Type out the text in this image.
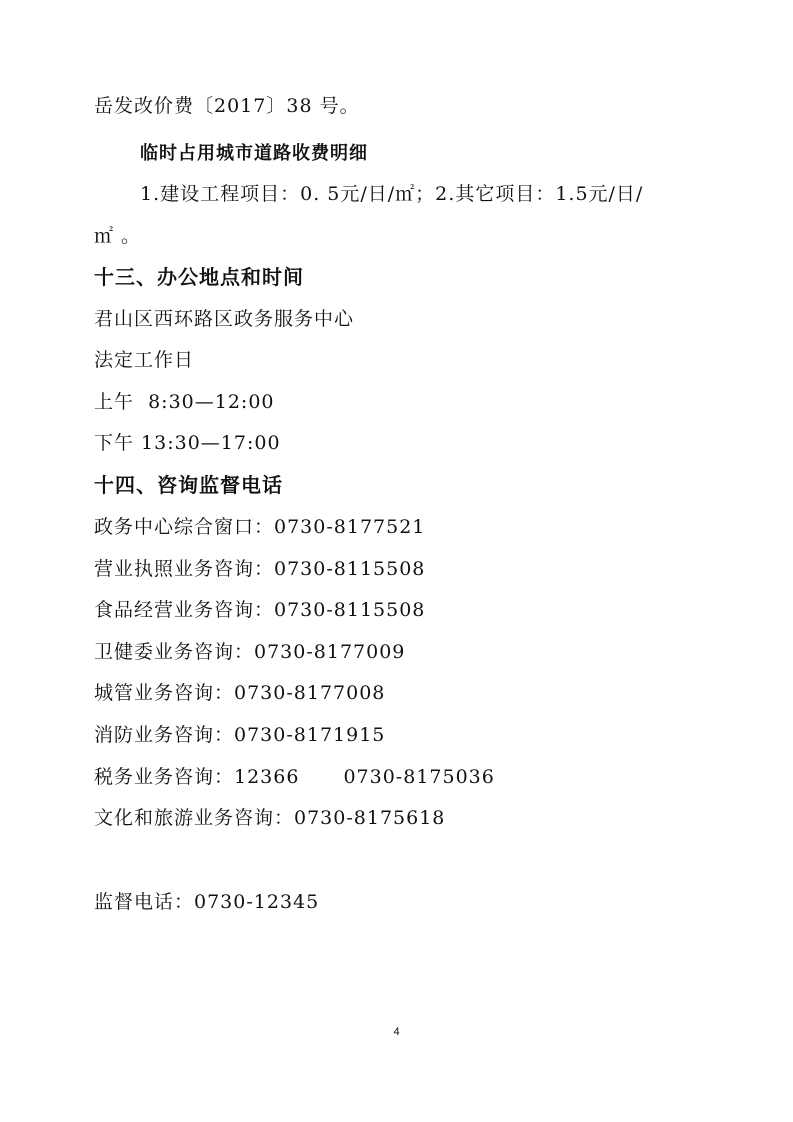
岳发改价费〔2017〕38 号。
临时占用城市道路收费明细
1.建设工程项目：0. 5元/日/㎡；2.其它项目：1.5元/日/
㎡ 。
十三、办公地点和时间
君山区西环路区政务服务中心
法定工作日
上午  8:30—12:00
下午 13:30—17:00
十四、咨询监督电话
政务中心综合窗口：0730-8177521
营业执照业务咨询：0730-8115508
食品经营业务咨询：0730-8115508
卫健委业务咨询：0730-8177009
城管业务咨询：0730-8177008
消防业务咨询：0730-8171915
税务业务咨询：12366 0730-8175036
文化和旅游业务咨询：0730-8175618
监督电话：0730-12345
4
